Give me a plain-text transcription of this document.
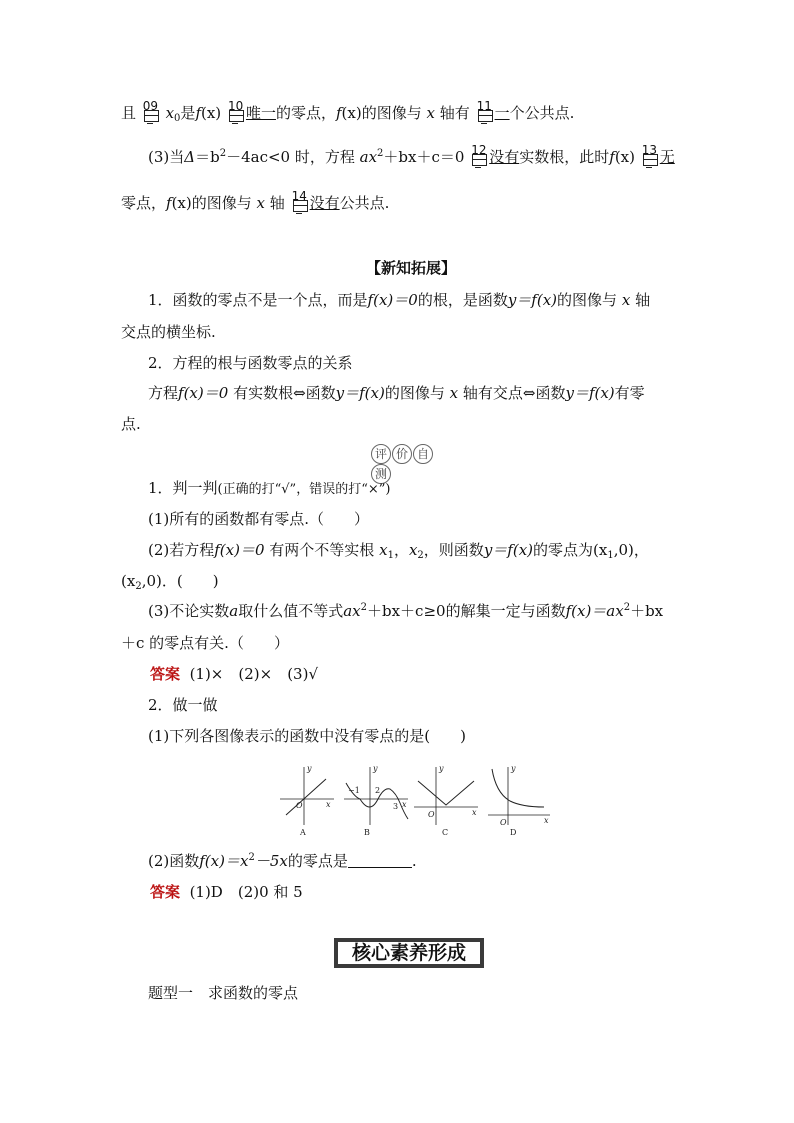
且 09 $x_0$是f(x) 10 唯一的零点，f(x)的图像与 x 轴有 11 一个公共点.
(3)当$\Delta=b^2-4ac<0$ 时，方程 $ax^2+bx+c=0$ 12 没有实数根，此时f(x) 13 无
零点，f(x)的图像与 x 轴 14 没有公共点.
【新知拓展】
1．函数的零点不是一个点，而是f(x)＝0的根，是函数y＝f(x)的图像与 x 轴
交点的横坐标.
2．方程的根与函数零点的关系
方程f(x)＝0 有实数根⇔函数y＝f(x)的图像与 x 轴有交点⇔函数y＝f(x)有零
点.
评 价 自测
1．判一判(正确的打“√”，错误的打“×”)
(1)所有的函数都有零点.（　　）
(2)若方程f(x)＝0 有两个不等实根 $x_1$，$x_2$，则函数y＝f(x)的零点为$(x_1,0)$，
$(x_2,0)$．(　　)
(3)不论实数a取什么值不等式$ax^2+bx+c\ge 0$的解集一定与函数$f(x)=ax^2+bx$
＋c 的零点有关.（　　）
答案 (1)×　(2)×　(3)√
2．做一做
(1)下列各图像表示的函数中没有零点的是(　　)
y
x
O
A
−1 2
3
y
x
B
y
x
O
C
y
x
O
D
(2)函数$f(x)=x^2-5x$的零点是	.
答案 (1)D　(2)0 和 5
核心素养形成
题型一　求函数的零点
